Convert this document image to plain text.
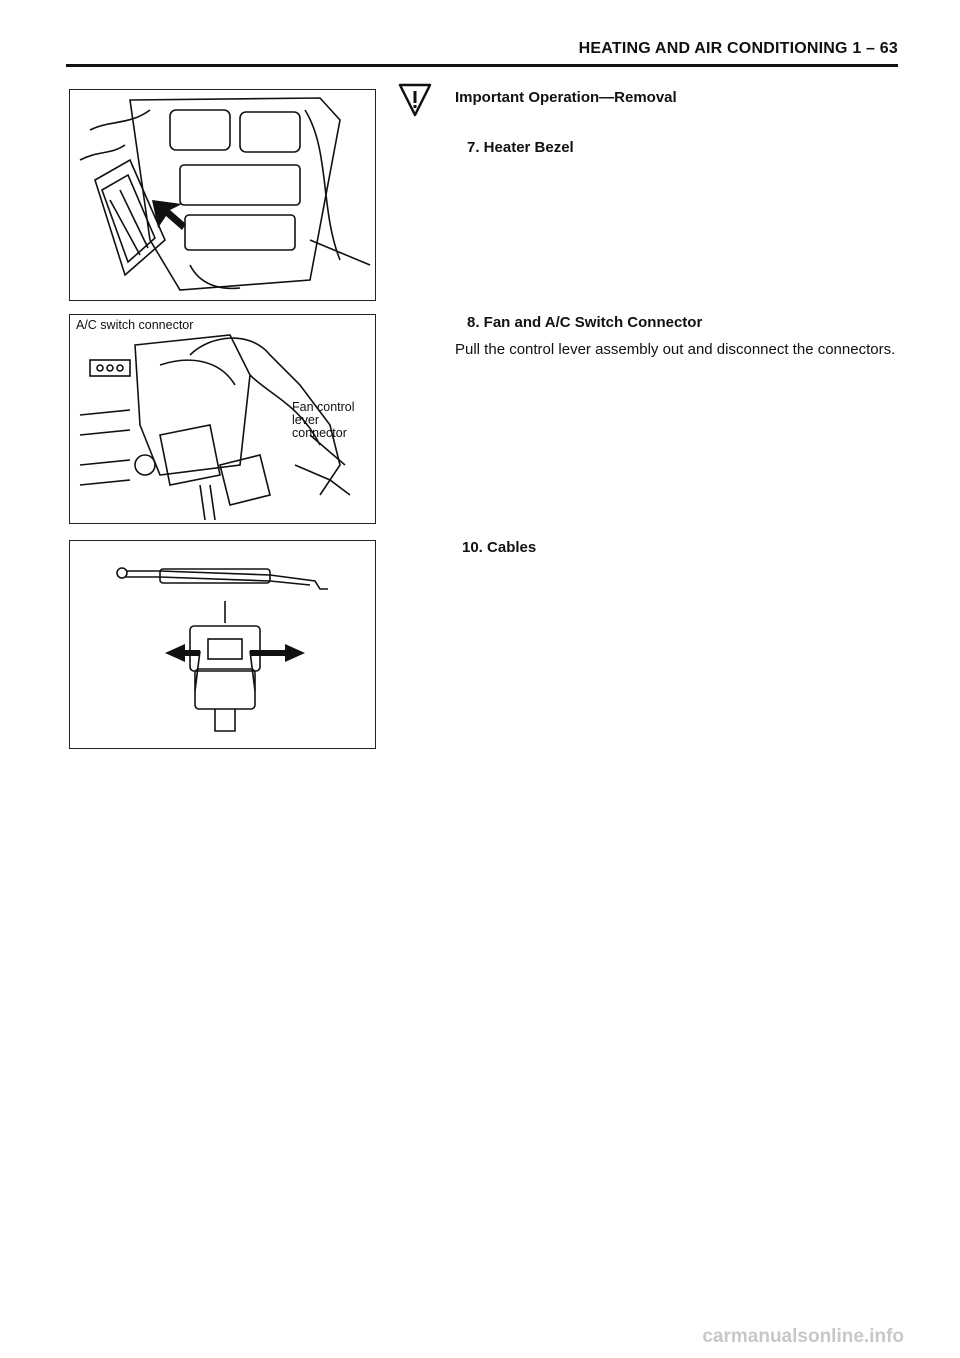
HEATING AND AIR CONDITIONING 1 – 63
A/C switch connector
Fan control
lever
connector
Important Operation—Removal
7. Heater Bezel
8. Fan and A/C Switch Connector
Pull the control lever assembly out and disconnect the connectors.
10. Cables
carmanualsonline.info
